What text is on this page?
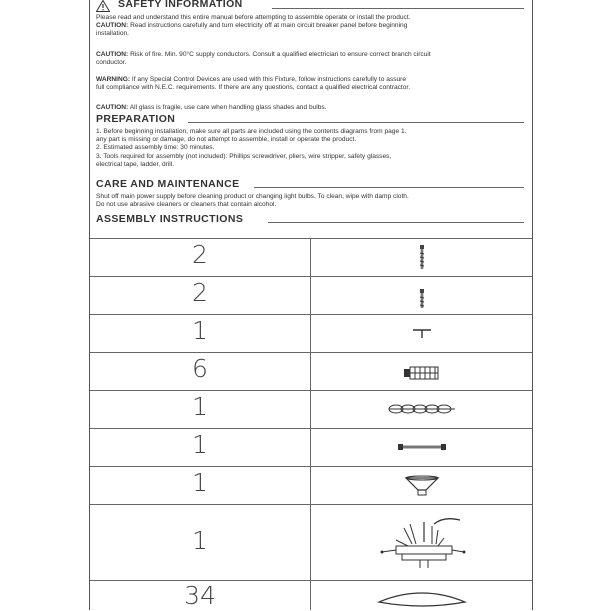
SAFETY INFORMATION
Please read and understand this entire manual before attempting to assemble operate or install the product.
CAUTION: Read instructions carefully and turn electricity off at main circuit breaker panel before beginning
installation.
CAUTION: Risk of fire. Min. 90°C supply conductors. Consult a qualified electrician to ensure correct branch circuit
conductor.
WARNING: If any Special Control Devices are used with this Fixture, follow instructions carefully to assure
full compliance with N.E.C. requirements. If there are any questions, contact a qualified electrical contractor.
CAUTION: All glass is fragile, use care when handling glass shades and bulbs.
PREPARATION
1. Before beginning installation, make sure all parts are included using the contents diagrams from page 1.
any part is missing or damage, do not attempt to assemble, install or operate the product.
2. Estimated assembly time: 30 minutes.
3. Tools required for assembly (not included): Phillips screwdriver, pliers, wire stripper, safety glasses,
electrical tape, ladder, drill.
CARE AND MAINTENANCE
Shut off main power supply before cleaning product or changing light bulbs. To clean, wipe with damp cloth.
Do not use abrasive cleaners or cleaners that contain alcohol.
ASSEMBLY INSTRUCTIONS
2
2
1
6
1
1
1
1
34
